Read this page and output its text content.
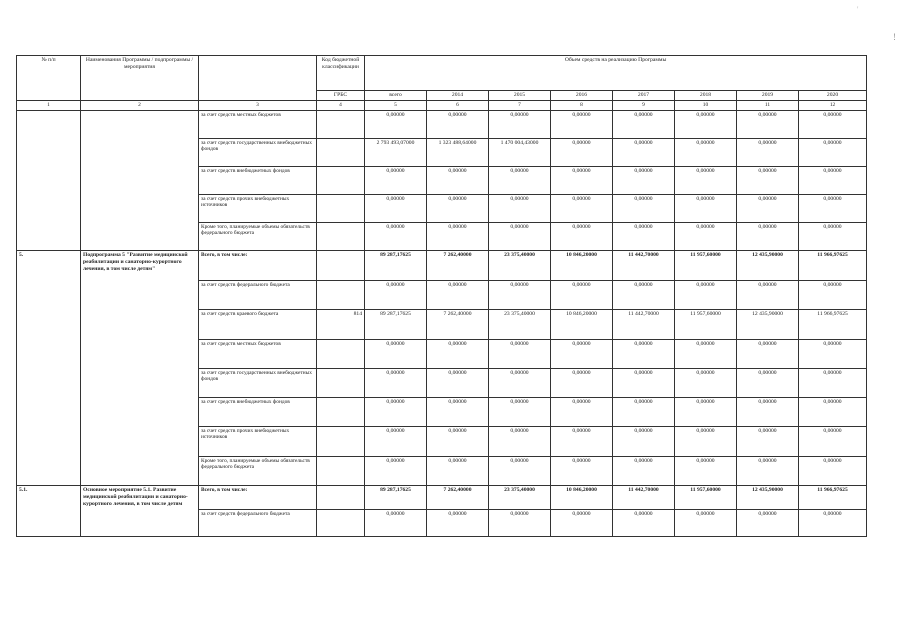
'
!
№ п/п	Наименования Программы / подпрограммы / мероприятия		Код бюджетной классификации	Объем средств на реализацию Программы							
			ГРБС	всего	2014	2015	2016	2017	2018	2019	2020
1	2	3	4	5	6	7	8	9	10	11	12
		за счет средств местных бюджетов		0,00000	0,00000	0,00000	0,00000	0,00000	0,00000	0,00000	0,00000
		за счет средств государственных внебюджетных фондов		2 793 493,07000	1 323 488,64000	1 470 004,43000	0,00000	0,00000	0,00000	0,00000	0,00000
		за счет средств внебюджетных фондов		0,00000	0,00000	0,00000	0,00000	0,00000	0,00000	0,00000	0,00000
		за счет средств прочих внебюджетных источников		0,00000	0,00000	0,00000	0,00000	0,00000	0,00000	0,00000	0,00000
		Кроме того, планируемые объемы обязательств федерального бюджета		0,00000	0,00000	0,00000	0,00000	0,00000	0,00000	0,00000	0,00000
5.	Подпрограмма 5 "Развитие медицинской реабилитации и санаторно-курортного лечения, в том числе детям"	Всего, в том числе:		89 287,17625	7 262,40000	23 375,40000	10 846,20000	11 442,70000	11 957,60000	12 435,90000	11 966,97625
		за счет средств федерального бюджета		0,00000	0,00000	0,00000	0,00000	0,00000	0,00000	0,00000	0,00000
		за счет средств краевого бюджета	814	89 287,17625	7 262,40000	23 375,40000	10 846,20000	11 442,70000	11 957,60000	12 435,90000	11 966,97625
		за счет средств местных бюджетов		0,00000	0,00000	0,00000	0,00000	0,00000	0,00000	0,00000	0,00000
		за счет средств государственных внебюджетных фондов		0,00000	0,00000	0,00000	0,00000	0,00000	0,00000	0,00000	0,00000
		за счет средств внебюджетных фондов		0,00000	0,00000	0,00000	0,00000	0,00000	0,00000	0,00000	0,00000
		за счет средств прочих внебюджетных источников		0,00000	0,00000	0,00000	0,00000	0,00000	0,00000	0,00000	0,00000
		Кроме того, планируемые объемы обязательств федерального бюджета		0,00000	0,00000	0,00000	0,00000	0,00000	0,00000	0,00000	0,00000
5.1.	Основное мероприятие 5.1. Развитие медицинской реабилитации и санаторно-курортного лечения, в том числе детям	Всего, в том числе:		89 287,17625	7 262,40000	23 375,40000	10 846,20000	11 442,70000	11 957,60000	12 435,90000	11 966,97625
		за счет средств федерального бюджета		0,00000	0,00000	0,00000	0,00000	0,00000	0,00000	0,00000	0,00000
